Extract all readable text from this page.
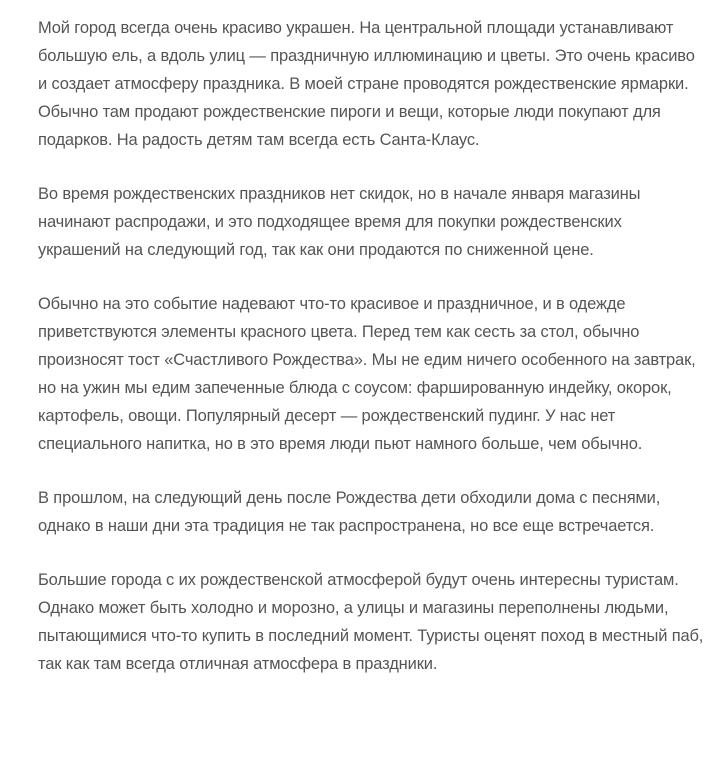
Мой город всегда очень красиво украшен. На центральной площади устанавливают большую ель, а вдоль улиц — праздничную иллюминацию и цветы. Это очень красиво и создает атмосферу праздника. В моей стране проводятся рождественские ярмарки. Обычно там продают рождественские пироги и вещи, которые люди покупают для подарков. На радость детям там всегда есть Санта-Клаус.

Во время рождественских праздников нет скидок, но в начале января магазины начинают распродажи, и это подходящее время для покупки рождественских украшений на следующий год, так как они продаются по сниженной цене.

Обычно на это событие надевают что-то красивое и праздничное, и в одежде приветствуются элементы красного цвета. Перед тем как сесть за стол, обычно произносят тост «Счастливого Рождества». Мы не едим ничего особенного на завтрак, но на ужин мы едим запеченные блюда с соусом: фаршированную индейку, окорок, картофель, овощи. Популярный десерт — рождественский пудинг. У нас нет специального напитка, но в это время люди пьют намного больше, чем обычно.

В прошлом, на следующий день после Рождества дети обходили дома с песнями, однако в наши дни эта традиция не так распространена, но все еще встречается.

Большие города с их рождественской атмосферой будут очень интересны туристам. Однако может быть холодно и морозно, а улицы и магазины переполнены людьми, пытающимися что-то купить в последний момент. Туристы оценят поход в местный паб, так как там всегда отличная атмосфера в праздники.
